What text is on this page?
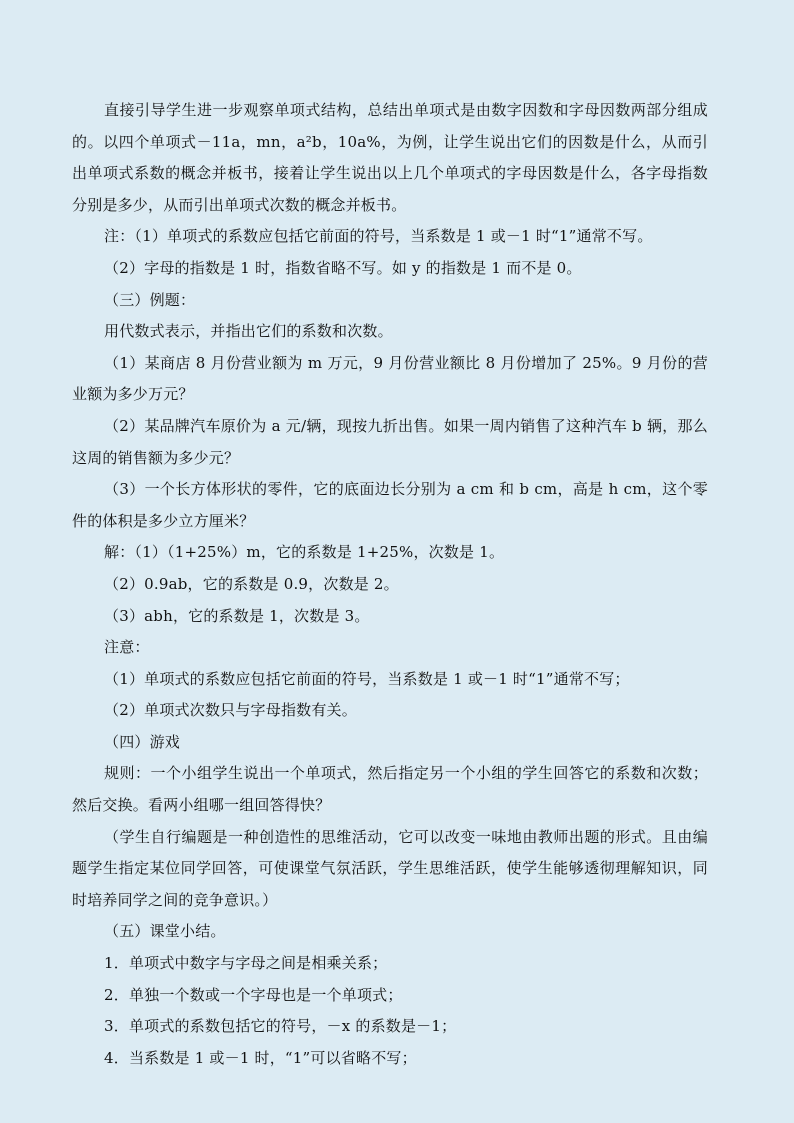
直接引导学生进一步观察单项式结构，总结出单项式是由数字因数和字母因数两部分组成的。以四个单项式－11a，mn，a²b，10a%，为例，让学生说出它们的因数是什么，从而引出单项式系数的概念并板书，接着让学生说出以上几个单项式的字母因数是什么，各字母指数分别是多少，从而引出单项式次数的概念并板书。

注：（1）单项式的系数应包括它前面的符号，当系数是 1 或－1 时“1”通常不写。

（2）字母的指数是 1 时，指数省略不写。如 y 的指数是 1 而不是 0。

（三）例题：

用代数式表示，并指出它们的系数和次数。

（1）某商店 8 月份营业额为 m 万元，9 月份营业额比 8 月份增加了 25%。9 月份的营业额为多少万元？

（2）某品牌汽车原价为 a 元/辆，现按九折出售。如果一周内销售了这种汽车 b 辆，那么这周的销售额为多少元？

（3）一个长方体形状的零件，它的底面边长分别为 a cm 和 b cm，高是 h cm，这个零件的体积是多少立方厘米？

解：（1）（1+25%）m，它的系数是 1+25%，次数是 1。

（2）0.9ab，它的系数是 0.9，次数是 2。

（3）abh，它的系数是 1，次数是 3。

注意：

（1）单项式的系数应包括它前面的符号，当系数是 1 或－1 时“1”通常不写；

（2）单项式次数只与字母指数有关。

（四）游戏

规则：一个小组学生说出一个单项式，然后指定另一个小组的学生回答它的系数和次数；然后交换。看两小组哪一组回答得快？

（学生自行编题是一种创造性的思维活动，它可以改变一味地由教师出题的形式。且由编题学生指定某位同学回答，可使课堂气氛活跃，学生思维活跃，使学生能够透彻理解知识，同时培养同学之间的竞争意识。）

（五）课堂小结。

1．单项式中数字与字母之间是相乘关系；

2．单独一个数或一个字母也是一个单项式；

3．单项式的系数包括它的符号，－x 的系数是－1；

4．当系数是 1 或－1 时，“1”可以省略不写；
